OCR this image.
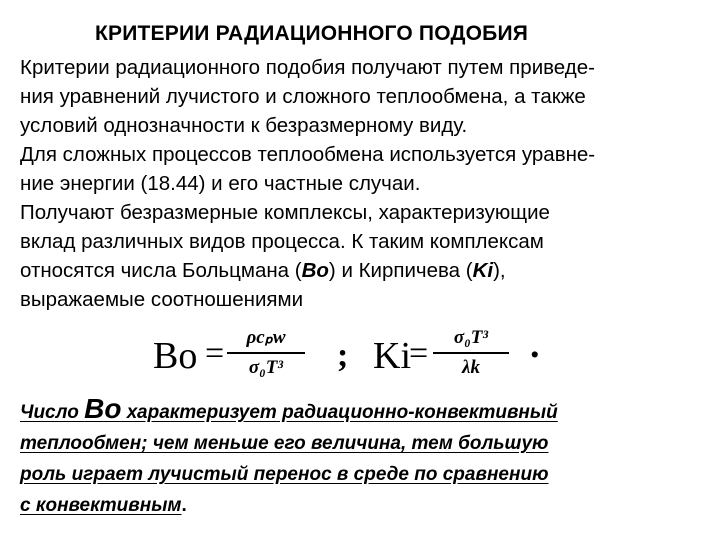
КРИТЕРИИ РАДИАЦИОННОГО ПОДОБИЯ
Критерии радиационного подобия получают путем приведе-
ния уравнений лучистого и сложного теплообмена, а также
условий однозначности к безразмерному виду.
Для сложных процессов теплообмена используется уравне-
ние энергии (18.44) и его частные случаи.
Получают безразмерные комплексы, характеризующие
вклад различных видов процесса. К таким комплексам
относятся числа Больцмана (Bo) и Кирпичева (Ki),
выражаемые соотношениями
Bo =	ρcₚw
σ₀T³	; Ki
=	σ₀T³
λk
.
Число Bo характеризует радиационно-конвективный
теплообмен; чем меньше его величина, тем большую
роль играет лучистый перенос в среде по сравнению
с конвективным.
